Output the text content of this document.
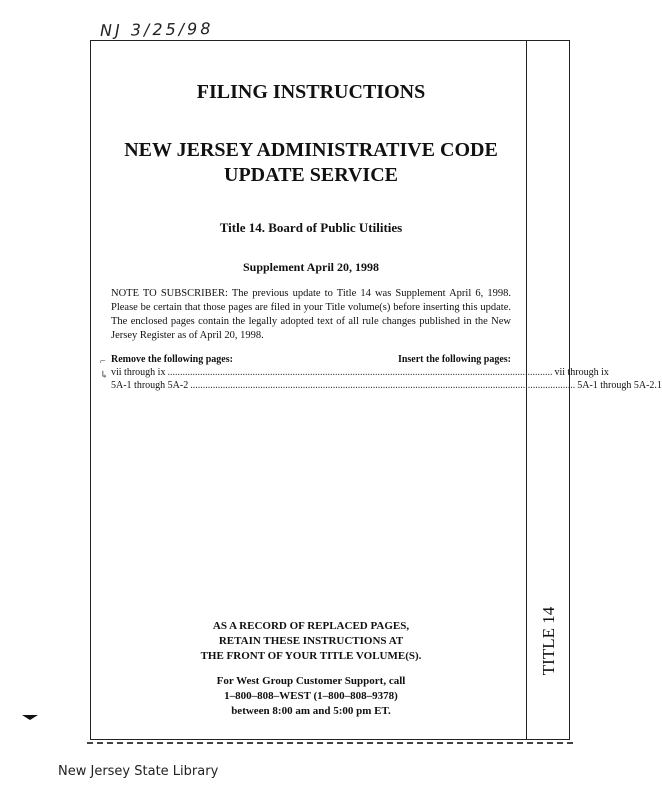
NJ 3/25/98
FILING INSTRUCTIONS
NEW JERSEY ADMINISTRATIVE CODE
UPDATE SERVICE
Title 14. Board of Public Utilities
Supplement April 20, 1998

NOTE TO SUBSCRIBER: The previous update to Title 14 was Supplement April 6, 1998. Please be certain that those pages are filed in your Title volume(s) before inserting this update. The enclosed pages contain the legally adopted text of all rule changes published in the New Jersey Register as of April 20, 1998.

Remove the following pages:	Insert the following pages:
vii through ix .......................................................................................................................................................... vii through ix
5A-1 through 5A-2 .......................................................................................................................................................... 5A-1 through 5A-2.1
AS A RECORD OF REPLACED PAGES,
RETAIN THESE INSTRUCTIONS AT
THE FRONT OF YOUR TITLE VOLUME(S).
For West Group Customer Support, call
1–800–808–WEST (1–800–808–9378)
between 8:00 am and 5:00 pm ET.
TITLE 14
⌐
↳
New Jersey State Library
